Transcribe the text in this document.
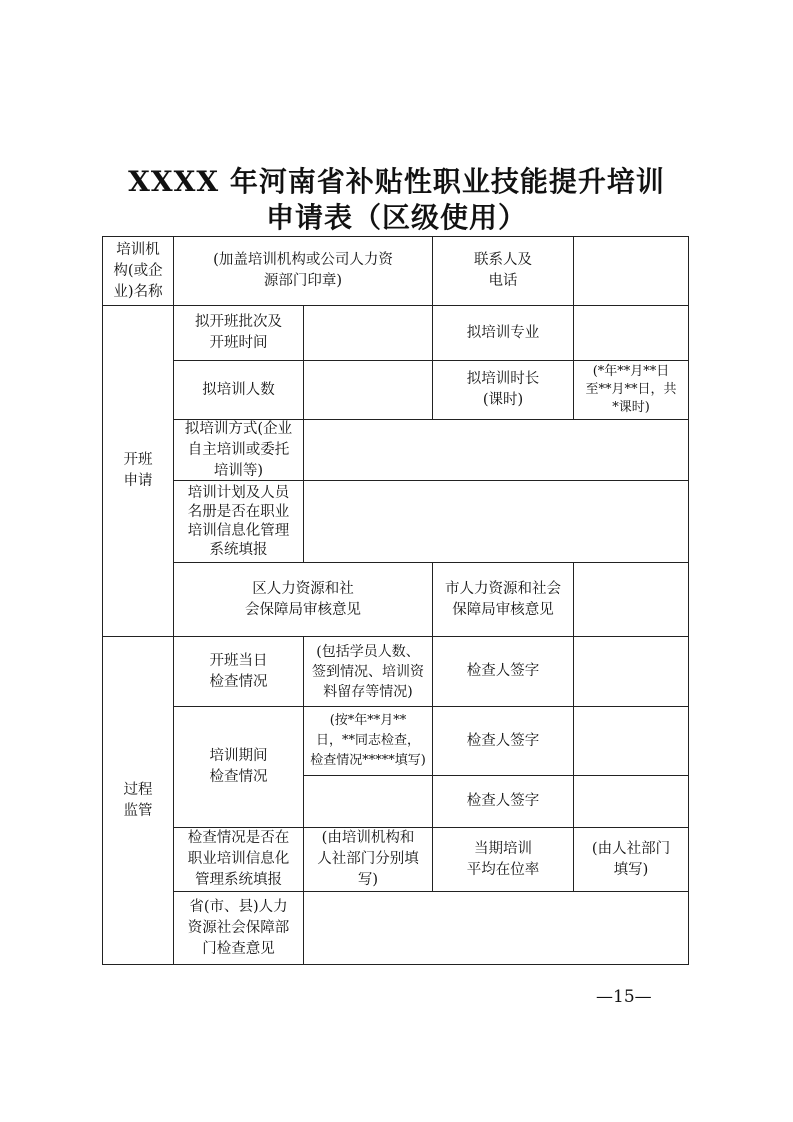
XXXX 年河南省补贴性职业技能提升培训
申请表（区级使用）
培训机
构(或企
业)名称
(加盖培训机构或公司人力资
源部门印章)
联系人及
电话
开班
申请
拟开班批次及
开班时间
拟培训专业
拟培训人数
拟培训时长
(课时)
(*年**月**日
至**月**日，共
*课时)
拟培训方式(企业
自主培训或委托
培训等)
培训计划及人员
名册是否在职业
培训信息化管理
系统填报
区人力资源和社
会保障局审核意见
市人力资源和社会
保障局审核意见
过程
监管
开班当日
检查情况
(包括学员人数、
签到情况、培训资
料留存等情况)
检查人签字
培训期间
检查情况
(按*年**月**
日，**同志检查，
检查情况*****填写)
检查人签字
检查人签字
检查情况是否在
职业培训信息化
管理系统填报
(由培训机构和
人社部门分别填
写)
当期培训
平均在位率
(由人社部门
填写)
省(市、县)人力
资源社会保障部
门检查意见
—15—
